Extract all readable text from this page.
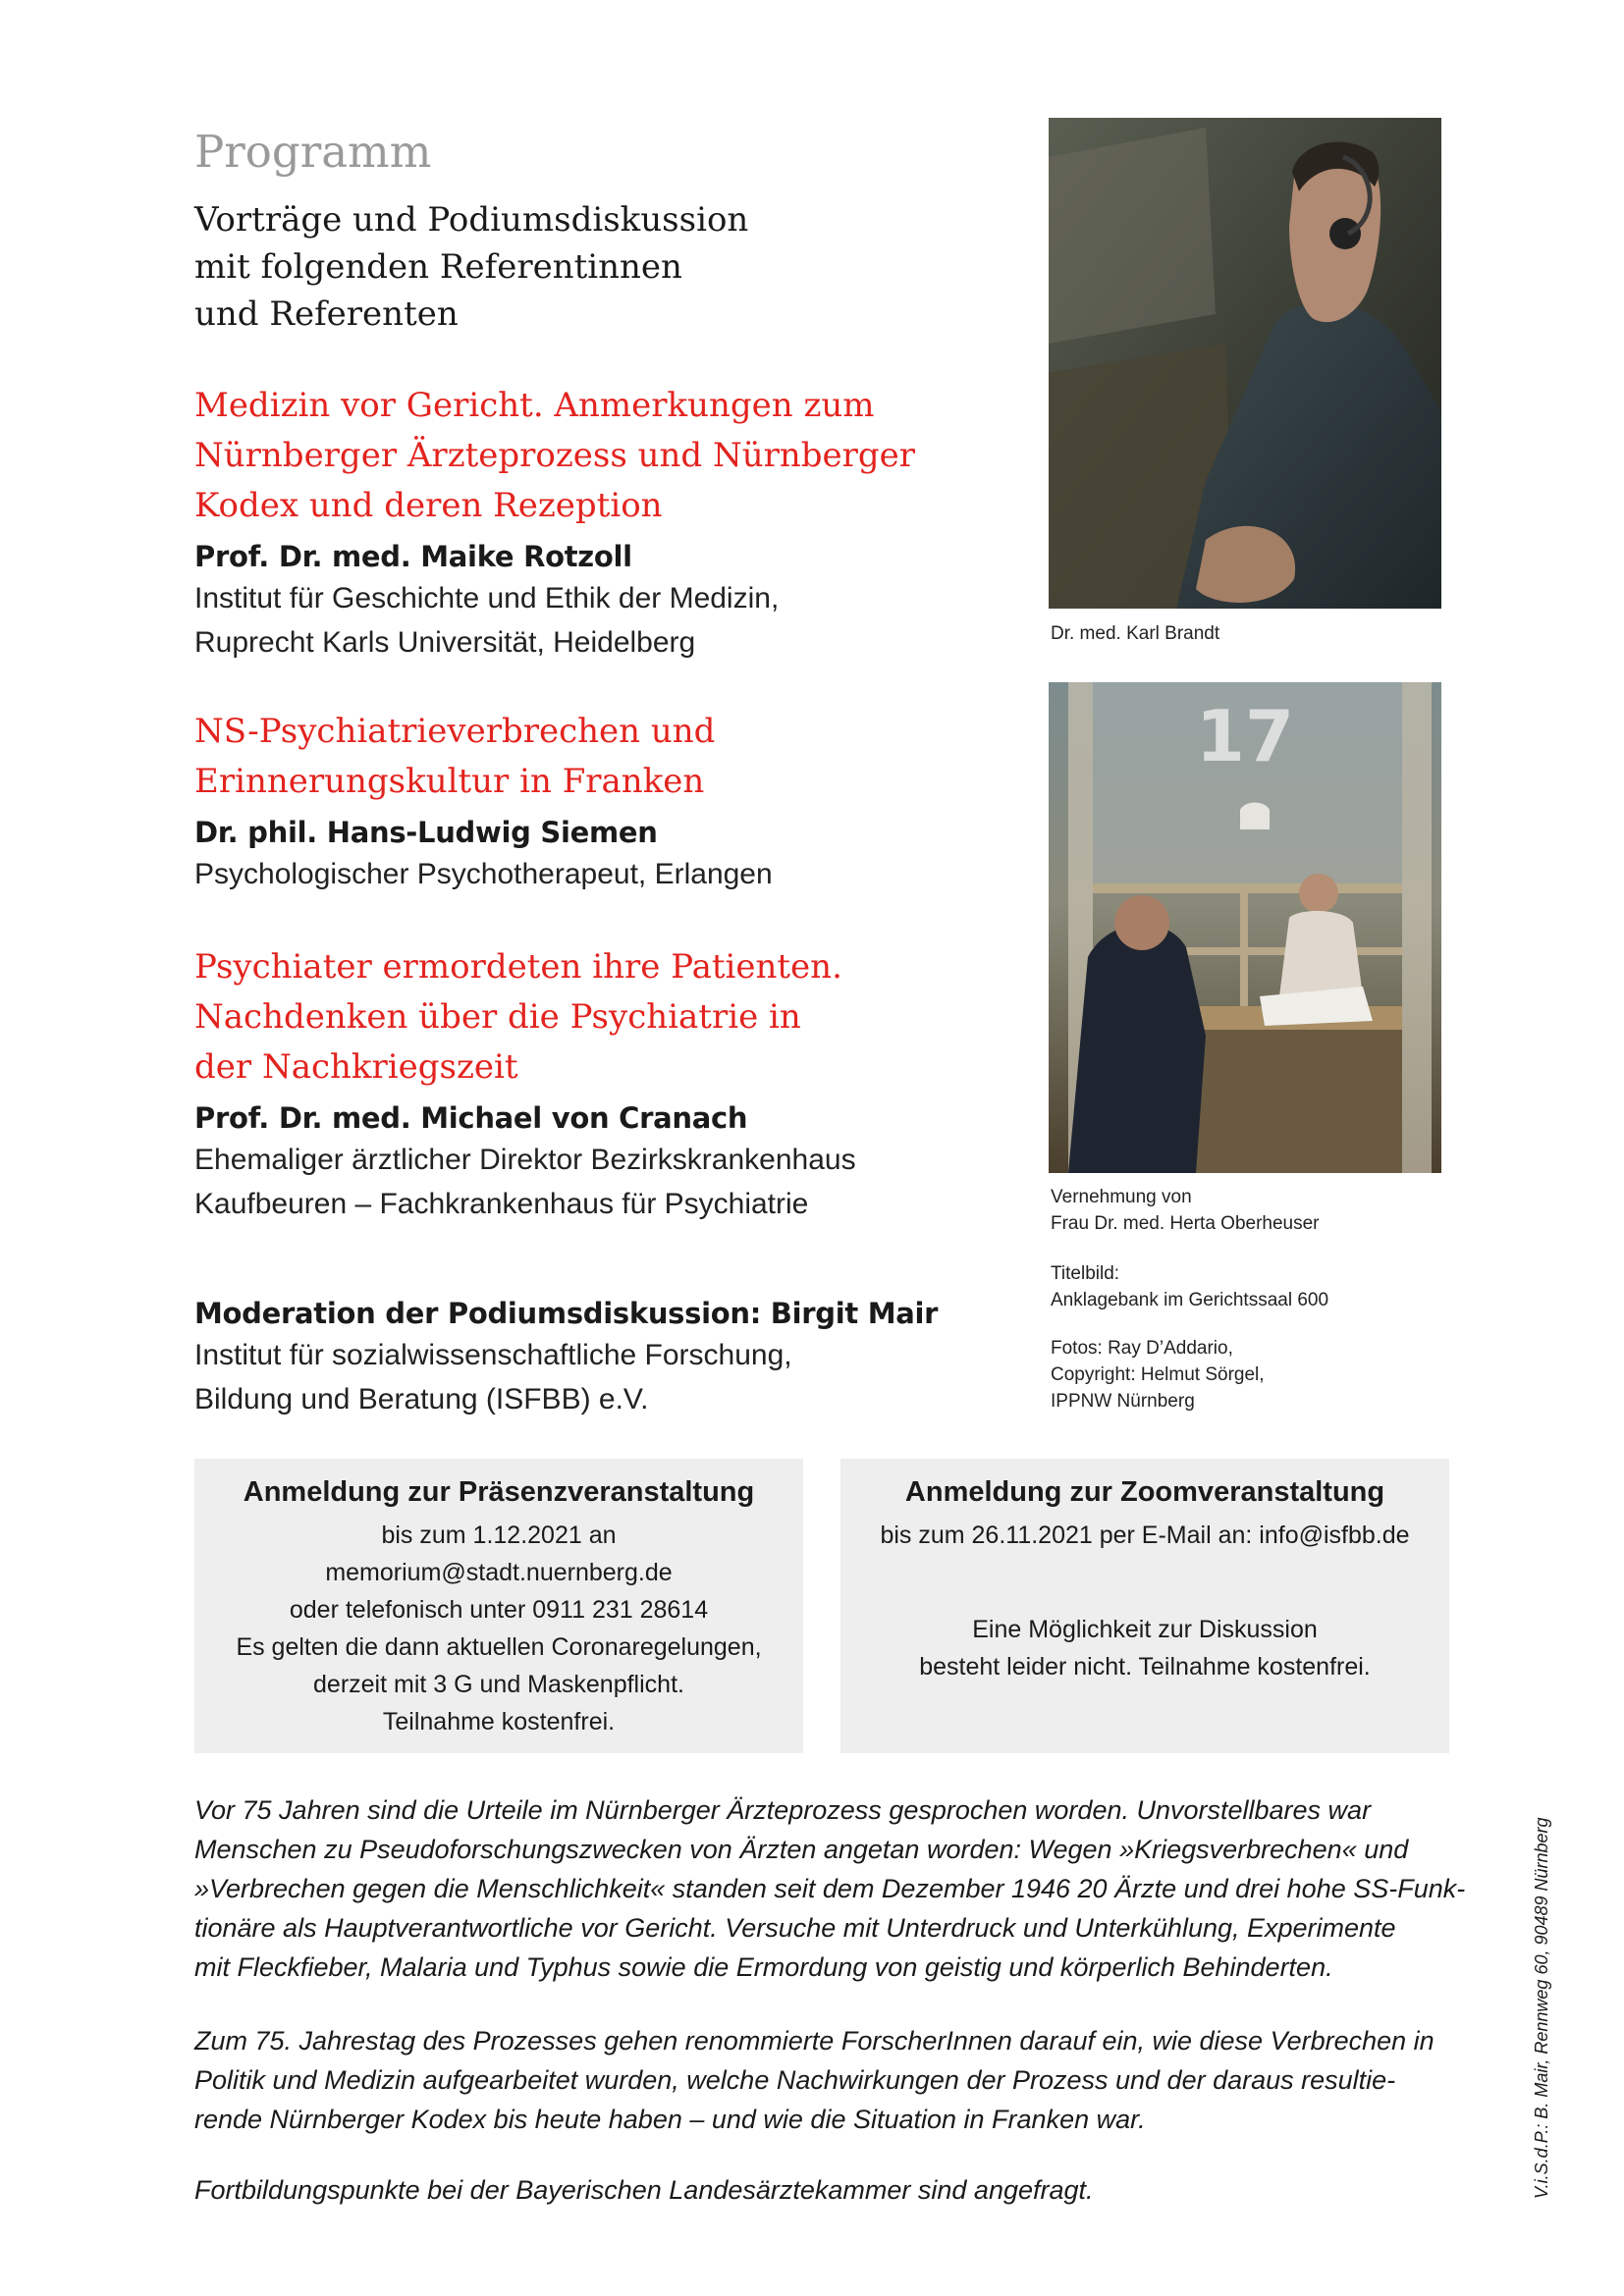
Programm
Vorträge und Podiumsdiskussion
mit folgenden Referentinnen
und Referenten
Medizin vor Gericht. Anmerkungen zum
Nürnberger Ärzteprozess und Nürnberger
Kodex und deren Rezeption
Prof. Dr. med. Maike Rotzoll
Institut für Geschichte und Ethik der Medizin,
Ruprecht Karls Universität, Heidelberg
NS-Psychiatrieverbrechen und
Erinnerungskultur in Franken
Dr. phil. Hans-Ludwig Siemen
Psychologischer Psychotherapeut, Erlangen
Psychiater ermordeten ihre Patienten.
Nachdenken über die Psychiatrie in
der Nachkriegszeit
Prof. Dr. med. Michael von Cranach
Ehemaliger ärztlicher Direktor Bezirkskrankenhaus
Kaufbeuren – Fachkrankenhaus für Psychiatrie
Moderation der Podiumsdiskussion: Birgit Mair
Institut für sozialwissenschaftliche Forschung,
Bildung und Beratung (ISFBB) e.V.
Dr. med. Karl Brandt
17
Vernehmung von
Frau Dr. med. Herta Oberheuser
Titelbild:
Anklagebank im Gerichtssaal 600
Fotos: Ray D’Addario,
Copyright: Helmut Sörgel,
IPPNW Nürnberg
Anmeldung zur Präsenzveranstaltung
bis zum 1.12.2021 an
memorium@stadt.nuernberg.de
oder telefonisch unter 0911 231 28614
Es gelten die dann aktuellen Coronaregelungen,
derzeit mit 3 G und Maskenpflicht.
Teilnahme kostenfrei.
Anmeldung zur Zoomveranstaltung
bis zum 26.11.2021 per E-Mail an: info@isfbb.de
Eine Möglichkeit zur Diskussion
besteht leider nicht. Teilnahme kostenfrei.
Vor 75 Jahren sind die Urteile im Nürnberger Ärzteprozess gesprochen worden. Unvorstellbares war
Menschen zu Pseudoforschungszwecken von Ärzten angetan worden: Wegen »Kriegsverbrechen« und
»Verbrechen gegen die Menschlichkeit« standen seit dem Dezember 1946 20 Ärzte und drei hohe SS-Funk-
tionäre als Hauptverantwortliche vor Gericht. Versuche mit Unterdruck und Unterkühlung, Experimente
mit Fleckfieber, Malaria und Typhus sowie die Ermordung von geistig und körperlich Behinderten.
Zum 75. Jahrestag des Prozesses gehen renommierte ForscherInnen darauf ein, wie diese Verbrechen in
Politik und Medizin aufgearbeitet wurden, welche Nachwirkungen der Prozess und der daraus resultie-
rende Nürnberger Kodex bis heute haben – und wie die Situation in Franken war.
Fortbildungspunkte bei der Bayerischen Landesärztekammer sind angefragt.	V.i.S.d.P.: B. Mair, Rennweg 60, 90489 Nürnberg
